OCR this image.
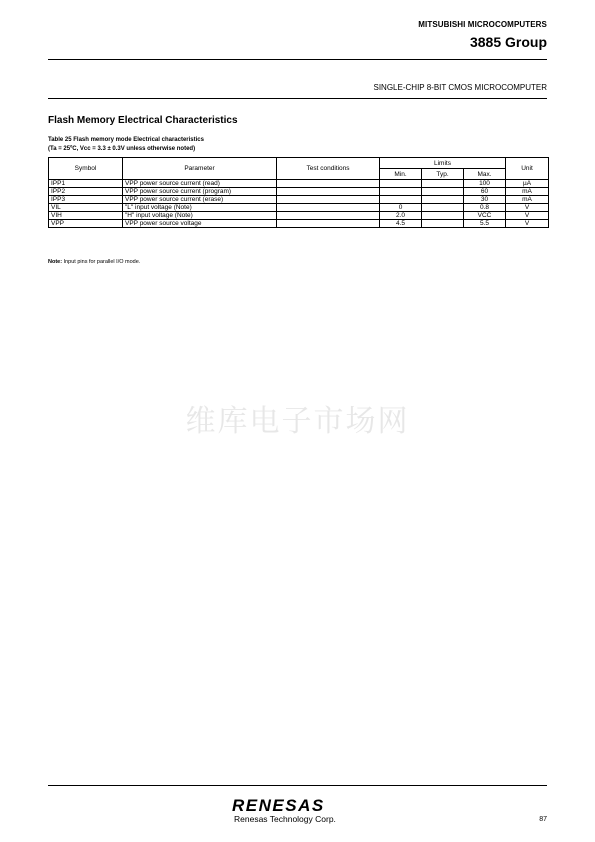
MITSUBISHI MICROCOMPUTERS
3885 Group
SINGLE-CHIP 8-BIT CMOS MICROCOMPUTER
Flash Memory Electrical Characteristics
Table 25 Flash memory mode Electrical characteristics
(Ta = 25ºC, Vcc = 3.3 ± 0.3V unless otherwise noted)
Symbol	Parameter	Test conditions	Limits			Unit
			Min.	Typ.	Max.	
IPP1	VPP power source current (read)				100	µA
IPP2	VPP power source current (program)				60	mA
IPP3	VPP power source current (erase)				30	mA
VIL	"L" input voltage (Note)		0		0.8	V
VIH	"H" input voltage (Note)		2.0		VCC	V
VPP	VPP power source voltage		4.5		5.5	V
Note: Input pins for parallel I/O mode.
维库电子市场网
RENESAS
Renesas Technology Corp.	87
